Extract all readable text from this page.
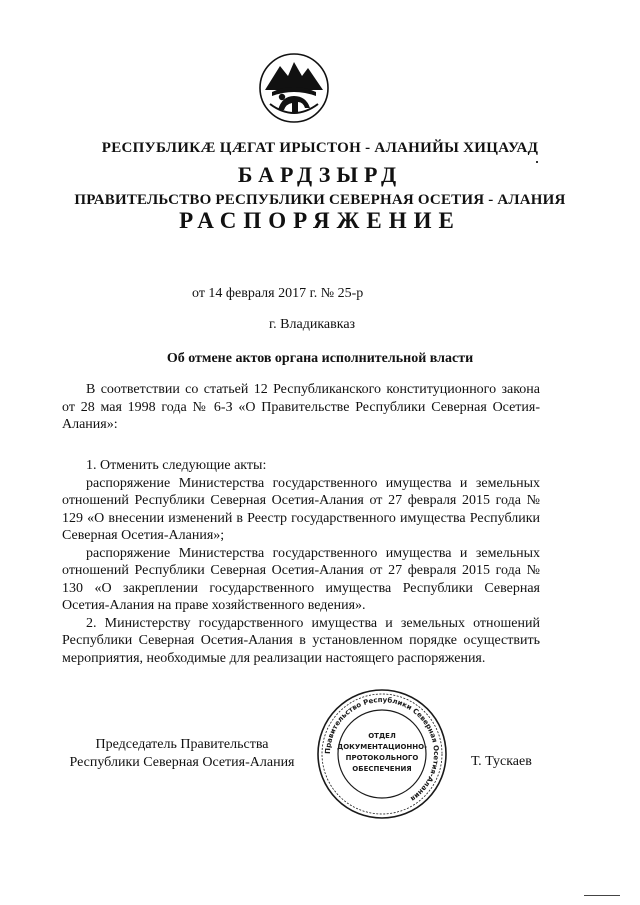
РЕСПУБЛИКÆ ЦÆГАТ ИРЫСТОН - АЛАНИЙЫ ХИЦАУАД
БАРДЗЫРД
ПРАВИТЕЛЬСТВО РЕСПУБЛИКИ СЕВЕРНАЯ ОСЕТИЯ - АЛАНИЯ
РАСПОРЯЖЕНИЕ
от 14 февраля 2017 г. № 25-р
г. Владикавказ
Об отмене актов органа исполнительной власти

В соответствии со статьей 12 Республиканского конституционного закона от 28 мая 1998 года № 6-З «О Правительстве Республики Северная Осетия-Алания»:

1. Отменить следующие акты:

распоряжение Министерства государственного имущества и земельных отношений Республики Северная Осетия-Алания от 27 февраля 2015 года № 129 «О внесении изменений в Реестр государственного имущества Республики Северная Осетия-Алания»;

распоряжение Министерства государственного имущества и земельных отношений Республики Северная Осетия-Алания от 27 февраля 2015 года № 130 «О закреплении государственного имущества Республики Северная Осетия-Алания на праве хозяйственного ведения».

2. Министерству государственного имущества и земельных отношений Республики Северная Осетия-Алания в установленном порядке осуществить мероприятия, необходимые для реализации настоящего распоряжения.

Председатель Правительства
Республики Северная Осетия-Алания
Правительство Республики Северная Осетия-Алания
ОТДЕЛ
ДОКУМЕНТАЦИОННО-
ПРОТОКОЛЬНОГО
ОБЕСПЕЧЕНИЯ	Т. Тускаев
